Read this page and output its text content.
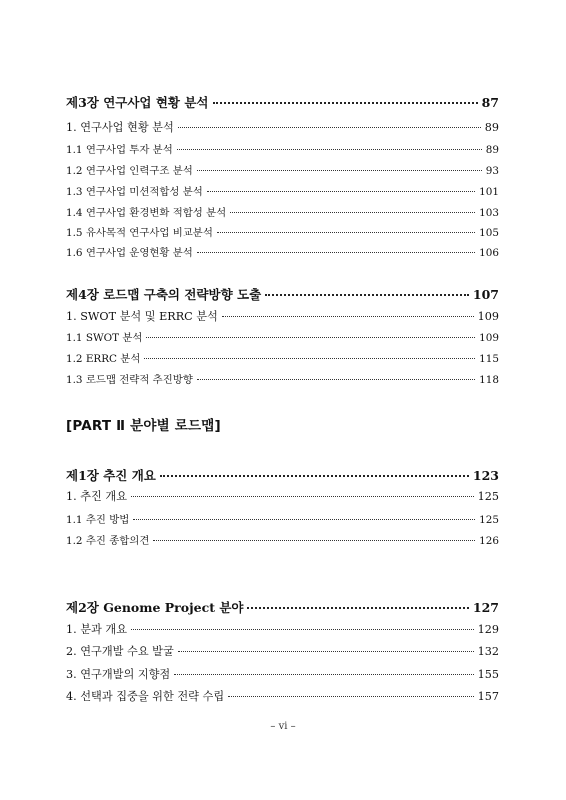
제3장 연구사업 현황 분석	87
1. 연구사업 현황 분석	89
1.1 연구사업 투자 분석	89
1.2 연구사업 인력구조 분석	93
1.3 연구사업 미션적합성 분석	101
1.4 연구사업 환경변화 적합성 분석	103
1.5 유사목적 연구사업 비교분석	105
1.6 연구사업 운영현황 분석	106
제4장 로드맵 구축의 전략방향 도출	107
1. SWOT 분석 및 ERRC 분석	109
1.1 SWOT 분석	109
1.2 ERRC 분석	115
1.3 로드맵 전략적 추진방향	118
[PART Ⅱ 분야별 로드맵]
제1장 추진 개요	123
1. 추진 개요	125
1.1 추진 방법	125
1.2 추진 종합의견	126
제2장 Genome Project 분야	127
1. 분과 개요	129
2. 연구개발 수요 발굴	132
3. 연구개발의 지향점	155
4. 선택과 집중을 위한 전략 수립	157
– vi –
